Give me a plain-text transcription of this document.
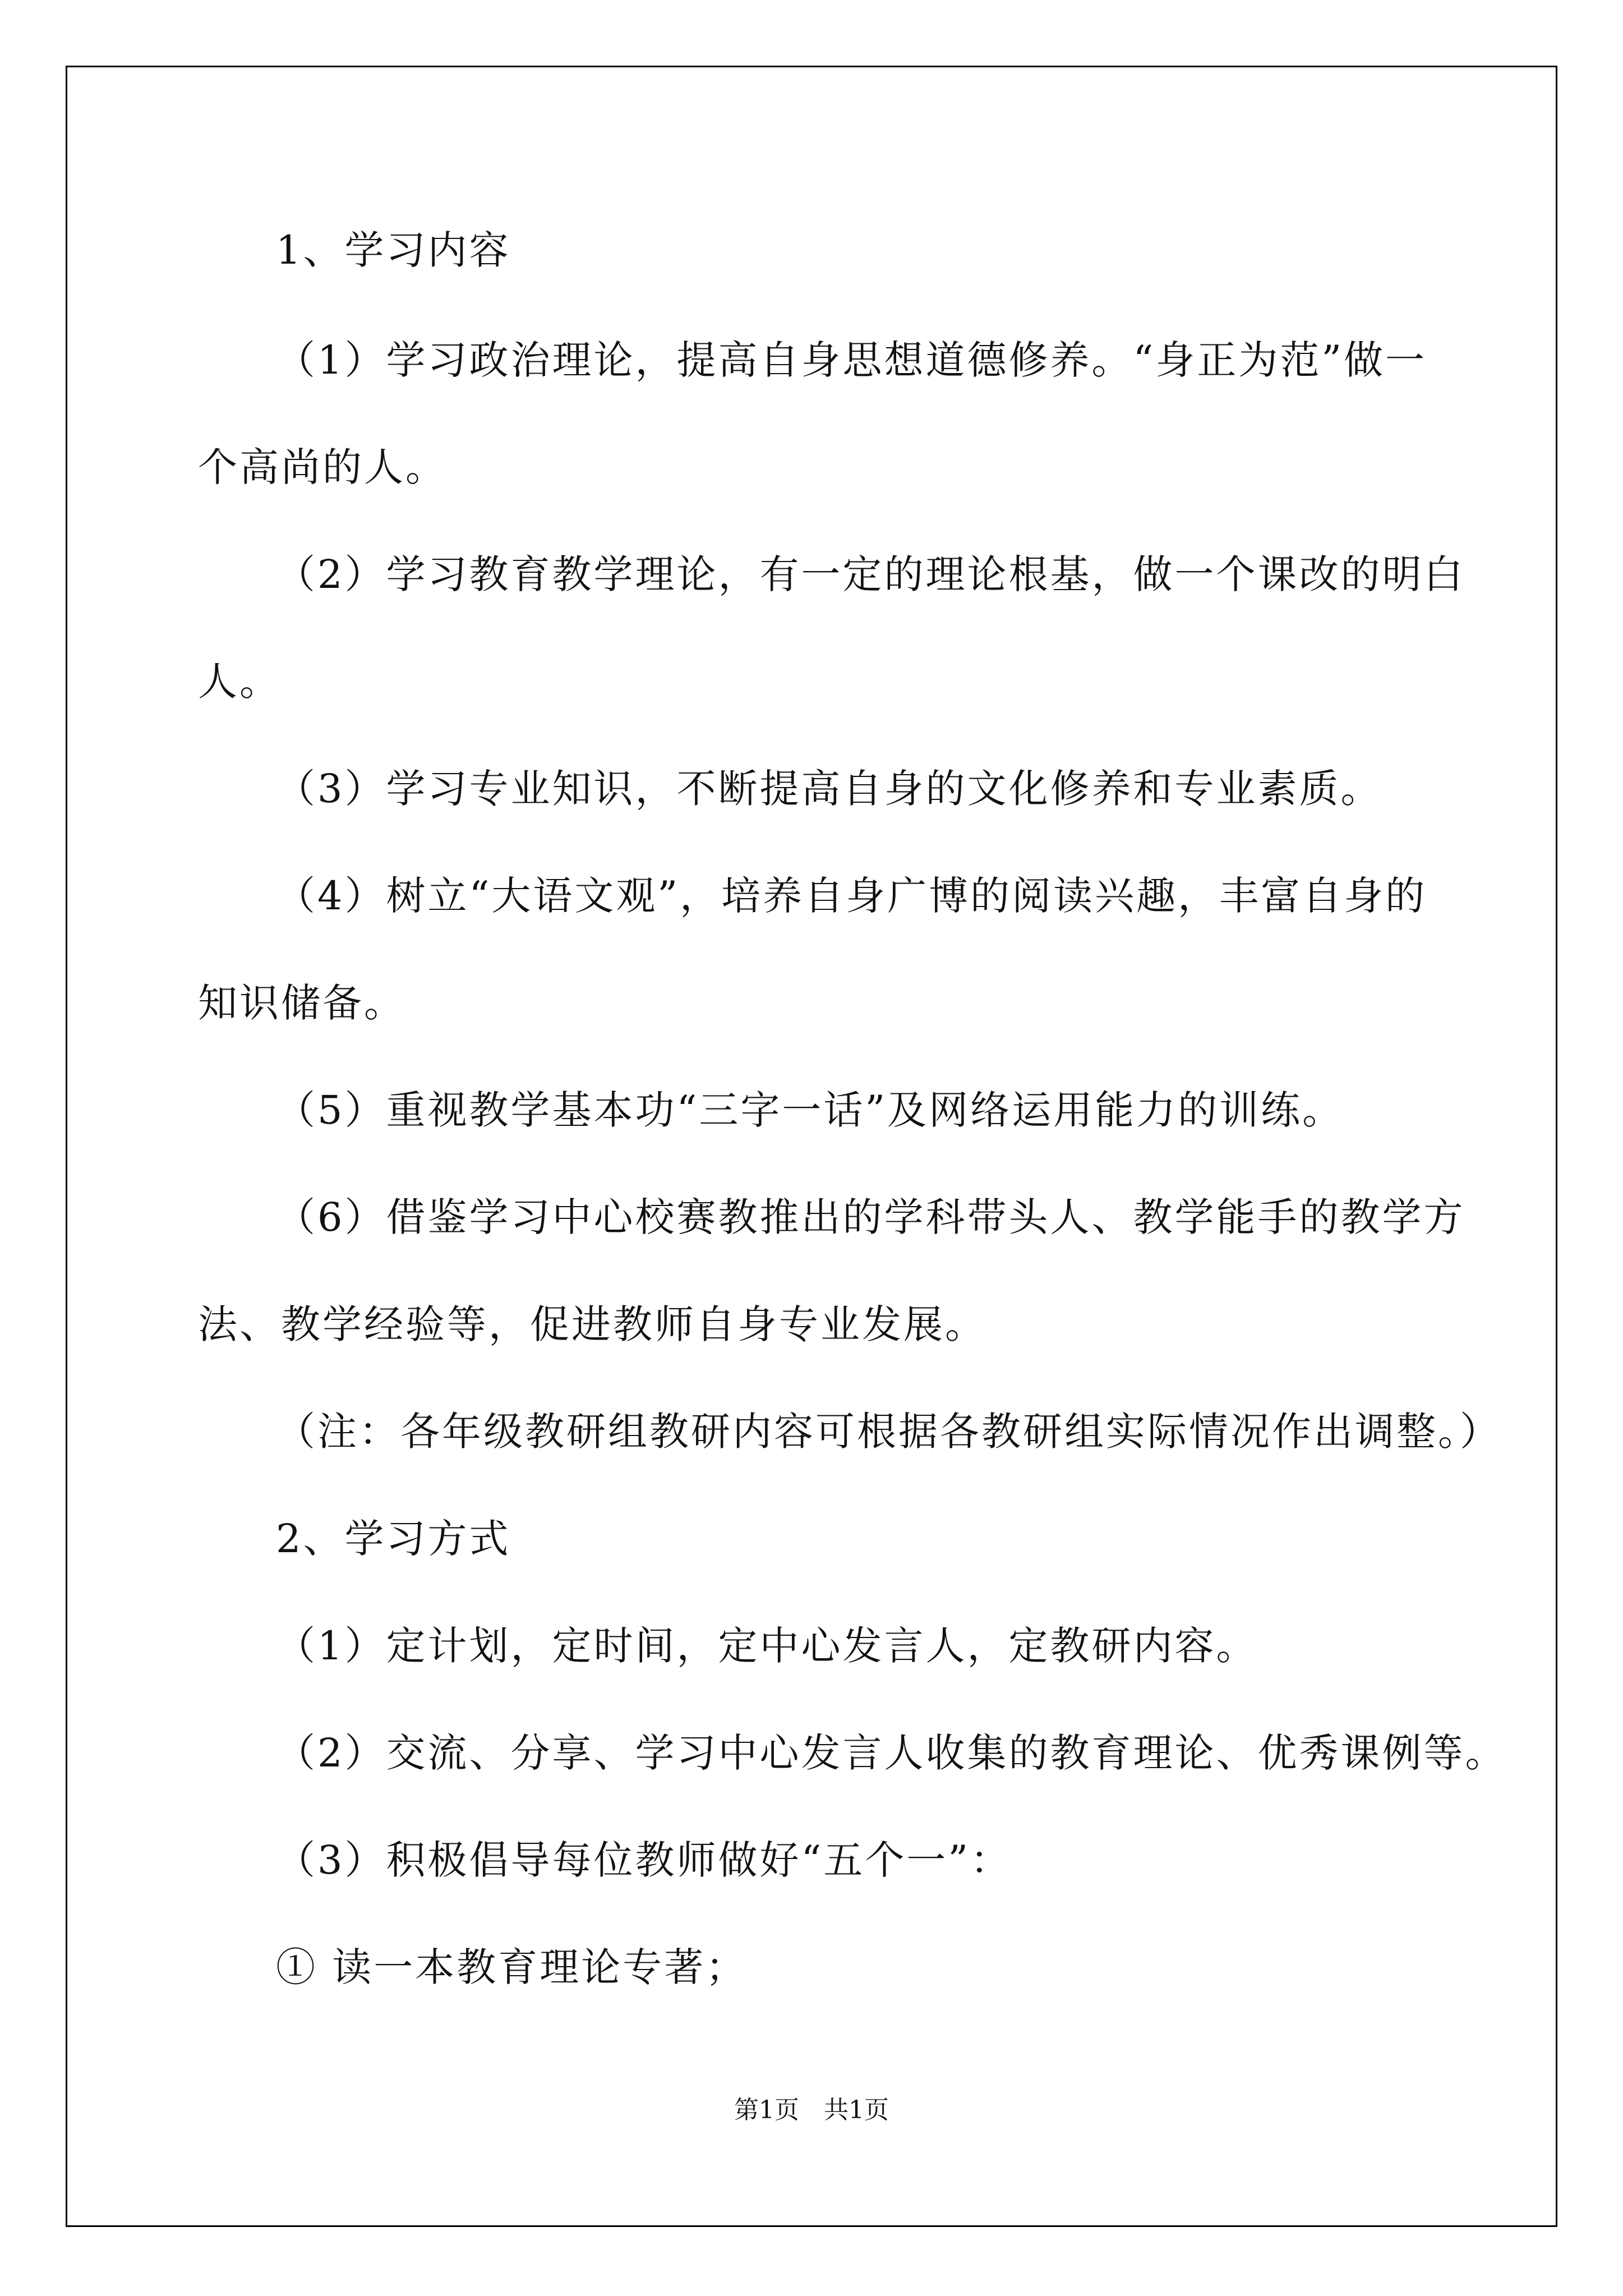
1、学习内容
（1）学习政治理论，提高自身思想道德修养。“身正为范”做一
个高尚的人。
（2）学习教育教学理论，有一定的理论根基，做一个课改的明白
人。
（3）学习专业知识，不断提高自身的文化修养和专业素质。
（4）树立“大语文观”，培养自身广博的阅读兴趣，丰富自身的
知识储备。
（5）重视教学基本功“三字一话”及网络运用能力的训练。
（6）借鉴学习中心校赛教推出的学科带头人、教学能手的教学方
法、教学经验等，促进教师自身专业发展。
（注：各年级教研组教研内容可根据各教研组实际情况作出调整。）
2、学习方式
（1）定计划，定时间，定中心发言人，定教研内容。
（2）交流、分享、学习中心发言人收集的教育理论、优秀课例等。
（3）积极倡导每位教师做好“五个一”：
① 读一本教育理论专著；
第1页　共1页
